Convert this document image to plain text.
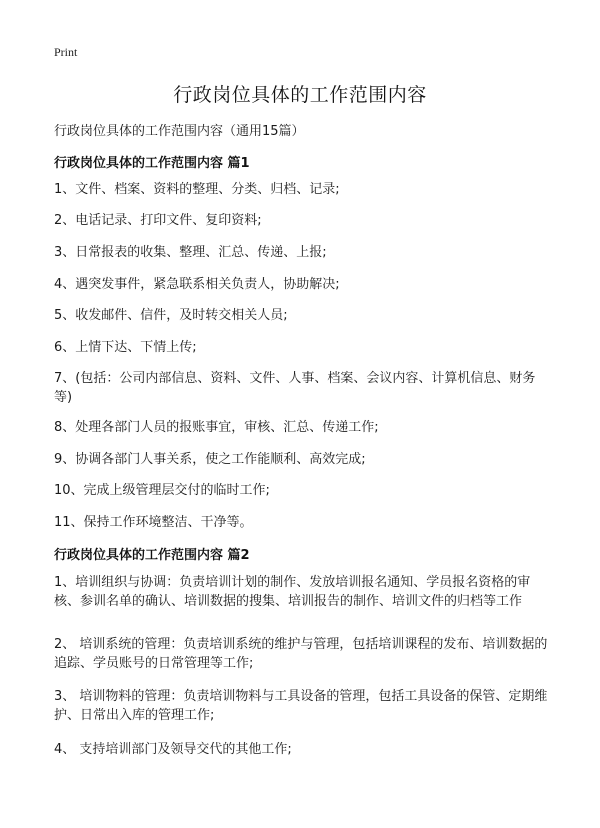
Print
行政岗位具体的工作范围内容
行政岗位具体的工作范围内容（通用15篇）
行政岗位具体的工作范围内容 篇1
1、文件、档案、资料的整理、分类、归档、记录;
2、电话记录、打印文件、复印资料;
3、日常报表的收集、整理、汇总、传递、上报;
4、遇突发事件，紧急联系相关负责人，协助解决;
5、收发邮件、信件，及时转交相关人员;
6、上情下达、下情上传;
7、(包括：公司内部信息、资料、文件、人事、档案、会议内容、计算机信息、财务等)
8、处理各部门人员的报账事宜，审核、汇总、传递工作;
9、协调各部门人事关系，使之工作能顺利、高效完成;
10、完成上级管理层交付的临时工作;
11、保持工作环境整洁、干净等。
行政岗位具体的工作范围内容 篇2
1、培训组织与协调：负责培训计划的制作、发放培训报名通知、学员报名资格的审核、参训名单的确认、培训数据的搜集、培训报告的制作、培训文件的归档等工作
2、 培训系统的管理：负责培训系统的维护与管理，包括培训课程的发布、培训数据的追踪、学员账号的日常管理等工作;
3、 培训物料的管理：负责培训物料与工具设备的管理，包括工具设备的保管、定期维护、日常出入库的管理工作;
4、 支持培训部门及领导交代的其他工作;
